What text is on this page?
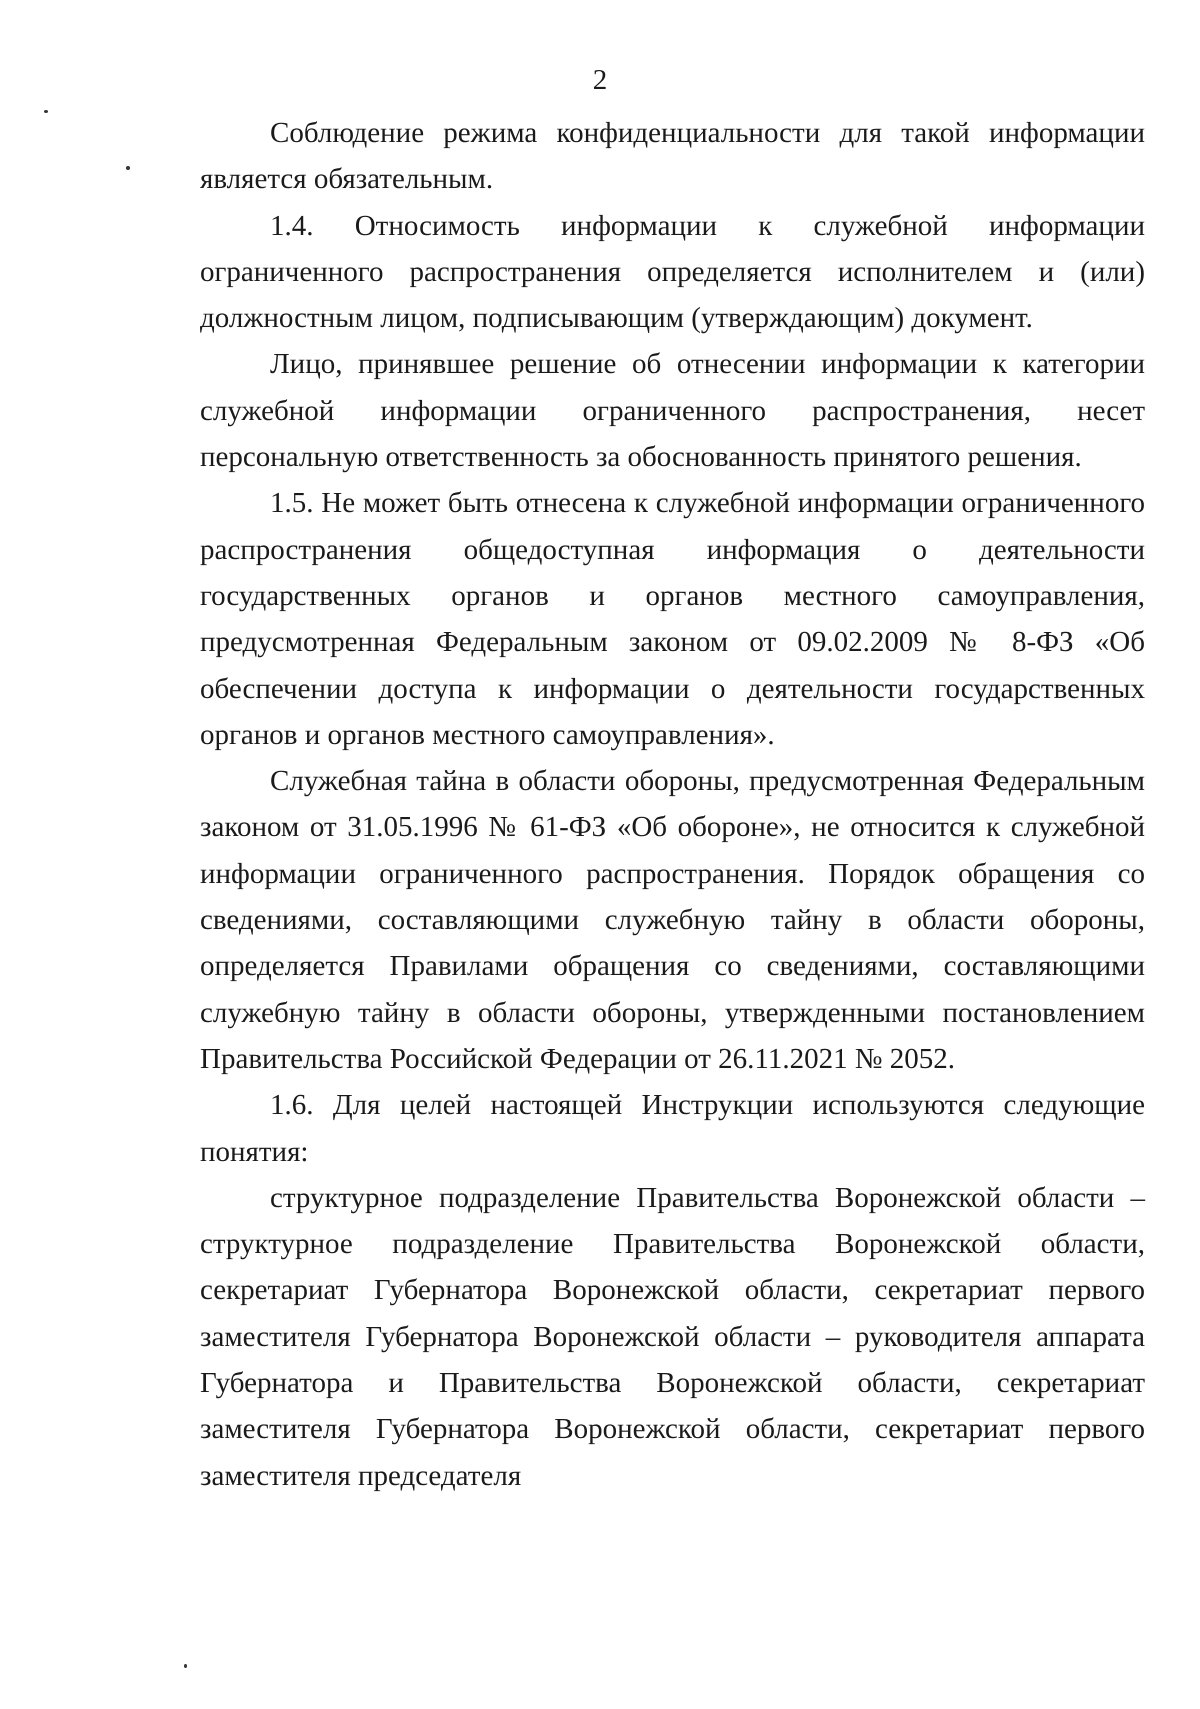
2

Соблюдение режима конфиденциальности для такой информации является обязательным.

1.4. Относимость информации к служебной информации ограниченного распространения определяется исполнителем и (или) должностным лицом, подписывающим (утверждающим) документ.

Лицо, принявшее решение об отнесении информации к категории служебной информации ограниченного распространения, несет персональную ответственность за обоснованность принятого решения.

1.5. Не может быть отнесена к служебной информации ограниченного распространения общедоступная информация о деятельности государственных органов и органов местного самоуправления, предусмотренная Федеральным законом от 09.02.2009 № 8-ФЗ «Об обеспечении доступа к информации о деятельности государственных органов и органов местного самоуправления».

Служебная тайна в области обороны, предусмотренная Федеральным законом от 31.05.1996 № 61-ФЗ «Об обороне», не относится к служебной информации ограниченного распространения. Порядок обращения со сведениями, составляющими служебную тайну в области обороны, определяется Правилами обращения со сведениями, составляющими служебную тайну в области обороны, утвержденными постановлением Правительства Российской Федерации от 26.11.2021 № 2052.

1.6. Для целей настоящей Инструкции используются следующие понятия:

структурное подразделение Правительства Воронежской области – структурное подразделение Правительства Воронежской области, секретариат Губернатора Воронежской области, секретариат первого заместителя Губернатора Воронежской области – руководителя аппарата Губернатора и Правительства Воронежской области, секретариат заместителя Губернатора Воронежской области, секретариат первого заместителя председателя
